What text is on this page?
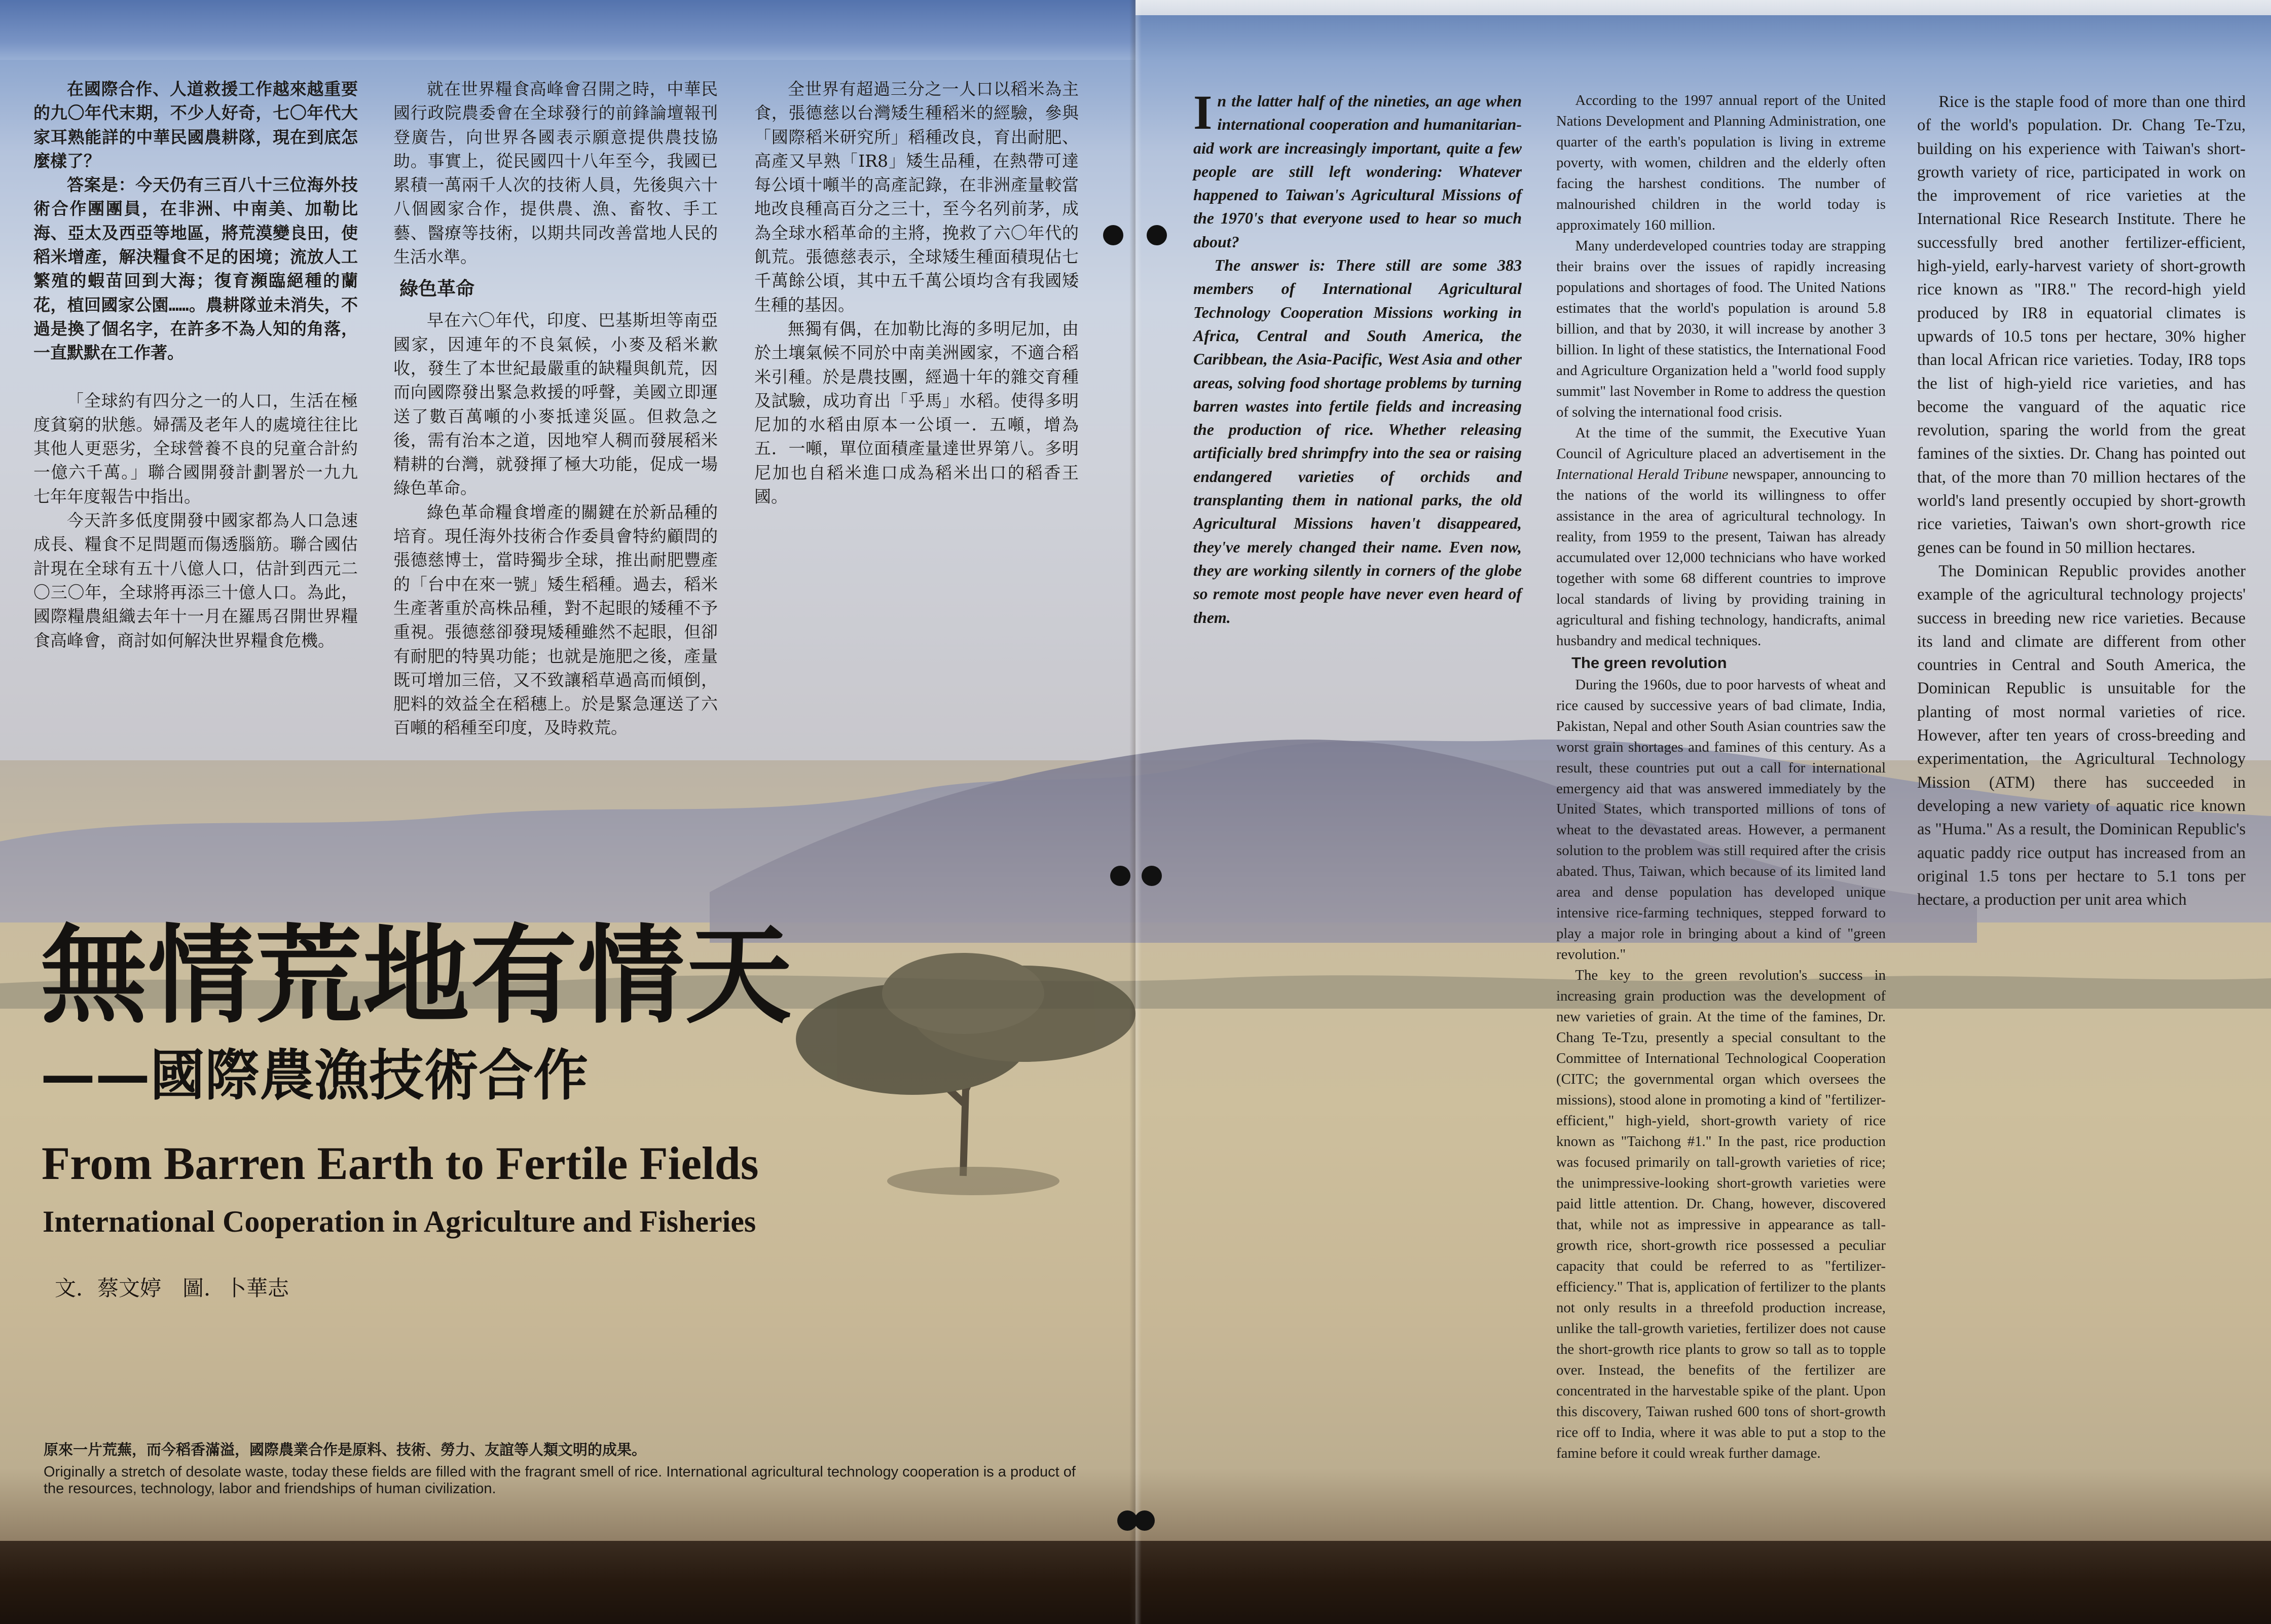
在國際合作、人道救援工作越來越重要的九〇年代末期，不少人好奇，七〇年代大家耳熟能詳的中華民國農耕隊，現在到底怎麼樣了？

答案是：今天仍有三百八十三位海外技術合作團團員，在非洲、中南美、加勒比海、亞太及西亞等地區，將荒漠變良田，使稻米增產，解決糧食不足的困境；流放人工繁殖的蝦苗回到大海；復育瀕臨絕種的蘭花，植回國家公園……。農耕隊並未消失，不過是換了個名字，在許多不為人知的角落，一直默默在工作著。

「全球約有四分之一的人口，生活在極度貧窮的狀態。婦孺及老年人的處境往往比其他人更惡劣，全球營養不良的兒童合計約一億六千萬。」聯合國開發計劃署於一九九七年年度報告中指出。

今天許多低度開發中國家都為人口急速成長、糧食不足問題而傷透腦筋。聯合國估計現在全球有五十八億人口，估計到西元二〇三〇年，全球將再添三十億人口。為此，國際糧農組織去年十一月在羅馬召開世界糧食高峰會，商討如何解決世界糧食危機。

就在世界糧食高峰會召開之時，中華民國行政院農委會在全球發行的前鋒論壇報刊登廣告，向世界各國表示願意提供農技協助。事實上，從民國四十八年至今，我國已累積一萬兩千人次的技術人員，先後與六十八個國家合作，提供農、漁、畜牧、手工藝、醫療等技術，以期共同改善當地人民的生活水準。

綠色革命

早在六〇年代，印度、巴基斯坦等南亞國家，因連年的不良氣候，小麥及稻米歉收，發生了本世紀最嚴重的缺糧與飢荒，因而向國際發出緊急救援的呼聲，美國立即運送了數百萬噸的小麥抵達災區。但救急之後，需有治本之道，因地窄人稠而發展稻米精耕的台灣，就發揮了極大功能，促成一場綠色革命。

綠色革命糧食增產的關鍵在於新品種的培育。現任海外技術合作委員會特約顧問的張德慈博士，當時獨步全球，推出耐肥豐產的「台中在來一號」矮生稻種。過去，稻米生產著重於高株品種，對不起眼的矮種不予重視。張德慈卻發現矮種雖然不起眼，但卻有耐肥的特異功能；也就是施肥之後，產量既可增加三倍，又不致讓稻草過高而傾倒，肥料的效益全在稻穗上。於是緊急運送了六百噸的稻種至印度，及時救荒。

全世界有超過三分之一人口以稻米為主食，張德慈以台灣矮生種稻米的經驗，參與「國際稻米研究所」稻種改良，育出耐肥、高產又早熟「IR8」矮生品種，在熱帶可達每公頃十噸半的高產記錄，在非洲產量較當地改良種高百分之三十，至今名列前茅，成為全球水稻革命的主將，挽救了六〇年代的飢荒。張德慈表示，全球矮生種面積現佔七千萬餘公頃，其中五千萬公頃均含有我國矮生種的基因。

無獨有偶，在加勒比海的多明尼加，由於土壤氣候不同於中南美洲國家，不適合稻米引種。於是農技團，經過十年的雜交育種及試驗，成功育出「乎馬」水稻。使得多明尼加的水稻由原本一公頃一．五噸，增為五．一噸，單位面積產量達世界第八。多明尼加也自稻米進口成為稻米出口的稻香王國。

無情荒地有情天
——國際農漁技術合作
From Barren Earth to Fertile Fields
International Cooperation in Agriculture and Fisheries
文．蔡文婷　圖．卜華志
原來一片荒蕪，而今稻香滿溢，國際農業合作是原料、技術、勞力、友誼等人類文明的成果。
Originally a stretch of desolate waste, today these fields are filled with the fragrant smell of rice. International agricultural technology cooperation is a product of the resources, technology, labor and friendships of human civilization.

In the latter half of the nineties, an age when international cooperation and humanitarian-aid work are increasingly important, quite a few people are still left wondering: Whatever happened to Taiwan's Agricultural Missions of the 1970's that everyone used to hear so much about?

The answer is: There still are some 383 members of International Agricultural Technology Cooperation Missions working in Africa, Central and South America, the Caribbean, the Asia-Pacific, West Asia and other areas, solving food shortage problems by turning barren wastes into fertile fields and increasing the production of rice. Whether releasing artificially bred shrimpfry into the sea or raising endangered varieties of orchids and transplanting them in national parks, the old Agricultural Missions haven't disappeared, they've merely changed their name. Even now, they are working silently in corners of the globe so remote most people have never even heard of them.

According to the 1997 annual report of the United Nations Development and Planning Administration, one quarter of the earth's population is living in extreme poverty, with women, children and the elderly often facing the harshest conditions. The number of malnourished children in the world today is approximately 160 million.

Many underdeveloped countries today are strapping their brains over the issues of rapidly increasing populations and shortages of food. The United Nations estimates that the world's population is around 5.8 billion, and that by 2030, it will increase by another 3 billion. In light of these statistics, the International Food and Agriculture Organization held a "world food supply summit" last November in Rome to address the question of solving the international food crisis.

At the time of the summit, the Executive Yuan Council of Agriculture placed an advertisement in the International Herald Tribune newspaper, announcing to the nations of the world its willingness to offer assistance in the area of agricultural technology. In reality, from 1959 to the present, Taiwan has already accumulated over 12,000 technicians who have worked together with some 68 different countries to improve local standards of living by providing training in agricultural and fishing technology, handicrafts, animal husbandry and medical techniques.

The green revolution

During the 1960s, due to poor harvests of wheat and rice caused by successive years of bad climate, India, Pakistan, Nepal and other South Asian countries saw the worst grain shortages and famines of this century. As a result, these countries put out a call for international emergency aid that was answered immediately by the United States, which transported millions of tons of wheat to the devastated areas. However, a permanent solution to the problem was still required after the crisis abated. Thus, Taiwan, which because of its limited land area and dense population has developed unique intensive rice-farming techniques, stepped forward to play a major role in bringing about a kind of "green revolution."

The key to the green revolution's success in increasing grain production was the development of new varieties of grain. At the time of the famines, Dr. Chang Te-Tzu, presently a special consultant to the Committee of International Technological Cooperation (CITC; the governmental organ which oversees the missions), stood alone in promoting a kind of "fertilizer-efficient," high-yield, short-growth variety of rice known as "Taichong #1." In the past, rice production was focused primarily on tall-growth varieties of rice; the unimpressive-looking short-growth varieties were paid little attention. Dr. Chang, however, discovered that, while not as impressive in appearance as tall-growth rice, short-growth rice possessed a peculiar capacity that could be referred to as "fertilizer-efficiency." That is, application of fertilizer to the plants not only results in a threefold production increase, unlike the tall-growth varieties, fertilizer does not cause the short-growth rice plants to grow so tall as to topple over. Instead, the benefits of the fertilizer are concentrated in the harvestable spike of the plant. Upon this discovery, Taiwan rushed 600 tons of short-growth rice off to India, where it was able to put a stop to the famine before it could wreak further damage.

Rice is the staple food of more than one third of the world's population. Dr. Chang Te-Tzu, building on his experience with Taiwan's short-growth variety of rice, participated in work on the improvement of rice varieties at the International Rice Research Institute. There he successfully bred another fertilizer-efficient, high-yield, early-harvest variety of short-growth rice known as "IR8." The record-high yield produced by IR8 in equatorial climates is upwards of 10.5 tons per hectare, 30% higher than local African rice varieties. Today, IR8 tops the list of high-yield rice varieties, and has become the vanguard of the aquatic rice revolution, sparing the world from the great famines of the sixties. Dr. Chang has pointed out that, of the more than 70 million hectares of the world's land presently occupied by short-growth rice varieties, Taiwan's own short-growth rice genes can be found in 50 million hectares.

The Dominican Republic provides another example of the agricultural technology projects' success in breeding new rice varieties. Because its land and climate are different from other countries in Central and South America, the Dominican Republic is unsuitable for the planting of most normal varieties of rice. However, after ten years of cross-breeding and experimentation, the Agricultural Technology Mission (ATM) there has succeeded in developing a new variety of aquatic rice known as "Huma." As a result, the Dominican Republic's aquatic paddy rice output has increased from an original 1.5 tons per hectare to 5.1 tons per hectare, a production per unit area which
